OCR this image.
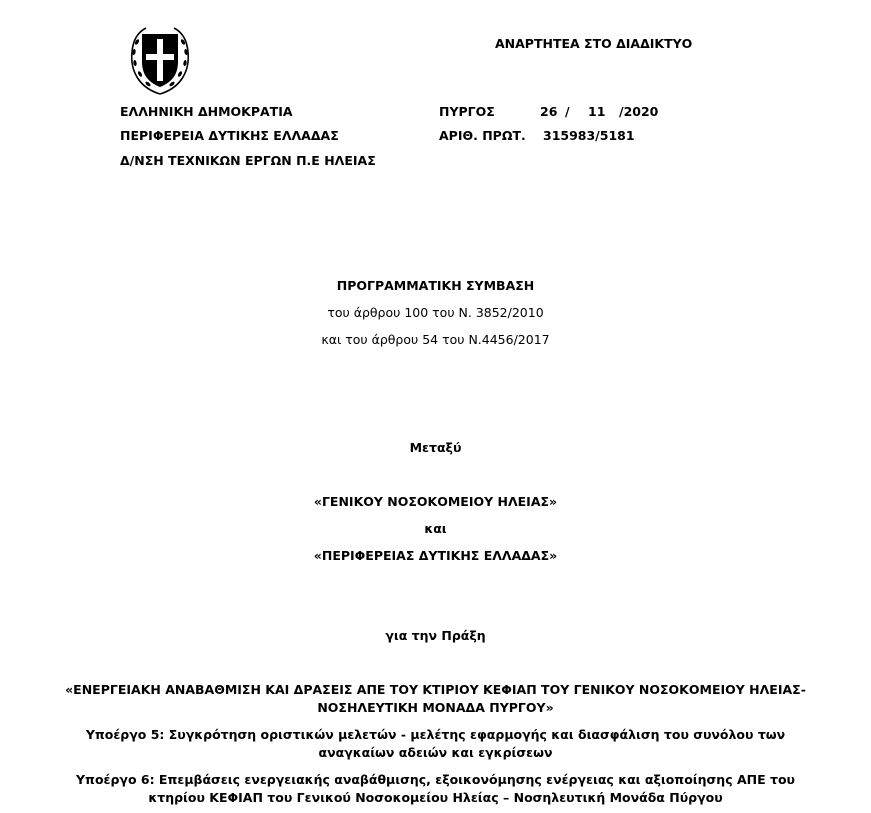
ΑΝΑΡΤΗΤΕΑ ΣΤΟ ΔΙΑΔΙΚΤΥΟ
ΕΛΛΗΝΙΚΗ ΔΗΜΟΚΡΑΤΙΑ
ΠΕΡΙΦΕΡΕΙΑ ΔΥΤΙΚΗΣ ΕΛΛΑΔΑΣ
Δ/ΝΣΗ ΤΕΧΝΙΚΩΝ ΕΡΓΩΝ Π.Ε ΗΛΕΙΑΣ
ΠΥΡΓΟΣ	26 / 11 /2020
ΑΡΙΘ. ΠΡΩΤ. 315983/5181
ΠΡΟΓΡΑΜΜΑΤΙΚΗ ΣΥΜΒΑΣΗ
του άρθρου 100 του Ν. 3852/2010
και του άρθρου 54 του Ν.4456/2017
Μεταξύ
«ΓΕΝΙΚΟΥ ΝΟΣΟΚΟΜΕΙΟΥ ΗΛΕΙΑΣ»
και
«ΠΕΡΙΦΕΡΕΙΑΣ ΔΥΤΙΚΗΣ ΕΛΛΑΔΑΣ»
για την Πράξη
«ΕΝΕΡΓΕΙΑΚΗ ΑΝΑΒΑΘΜΙΣΗ ΚΑΙ ΔΡΑΣΕΙΣ ΑΠΕ ΤΟΥ ΚΤΙΡΙΟΥ ΚΕΦΙΑΠ ΤΟΥ ΓΕΝΙΚΟΥ ΝΟΣΟΚΟΜΕΙΟΥ ΗΛΕΙΑΣ- ΝΟΣΗΛΕΥΤΙΚΗ ΜΟΝΑΔΑ ΠΥΡΓΟΥ»
Υποέργο 5: Συγκρότηση οριστικών μελετών - μελέτης εφαρμογής και διασφάλιση του συνόλου των αναγκαίων αδειών και εγκρίσεων
Υποέργο 6: Επεμβάσεις ενεργειακής αναβάθμισης, εξοικονόμησης ενέργειας και αξιοποίησης ΑΠΕ του κτηρίου ΚΕΦΙΑΠ του Γενικού Νοσοκομείου Ηλείας – Νοσηλευτική Μονάδα Πύργου
